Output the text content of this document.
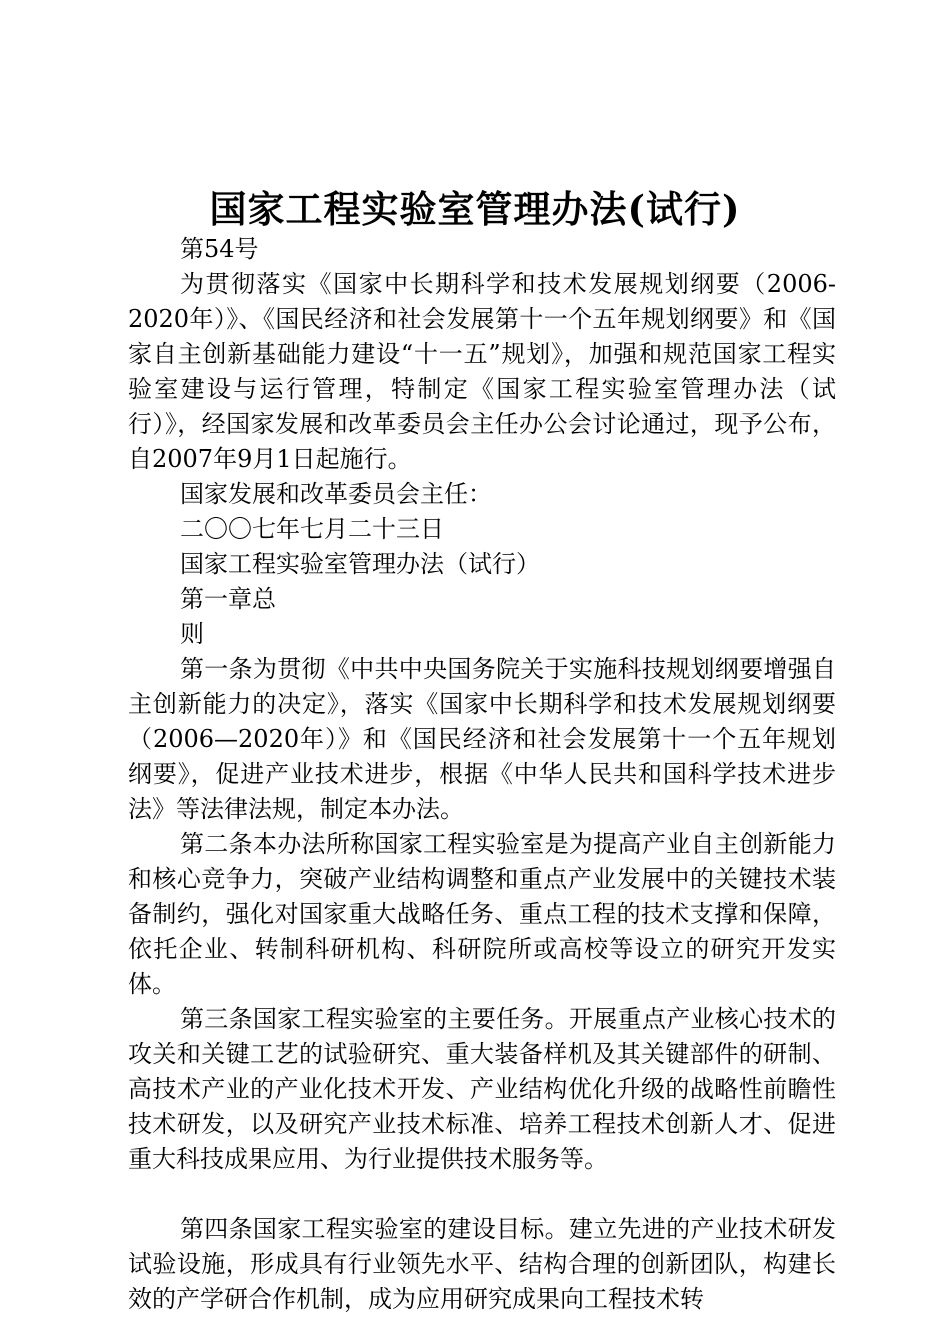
国家工程实验室管理办法(试行)

第54号

为贯彻落实《国家中长期科学和技术发展规划纲要（2006-2020年）》、《国民经济和社会发展第十一个五年规划纲要》和《国家自主创新基础能力建设“十一五”规划》，加强和规范国家工程实验室建设与运行管理，特制定《国家工程实验室管理办法（试行）》，经国家发展和改革委员会主任办公会讨论通过，现予公布，自2007年9月1日起施行。

国家发展和改革委员会主任：

二〇〇七年七月二十三日

国家工程实验室管理办法（试行）

第一章总

则

第一条为贯彻《中共中央国务院关于实施科技规划纲要增强自主创新能力的决定》，落实《国家中长期科学和技术发展规划纲要（2006—2020年）》和《国民经济和社会发展第十一个五年规划纲要》，促进产业技术进步，根据《中华人民共和国科学技术进步法》等法律法规，制定本办法。

第二条本办法所称国家工程实验室是为提高产业自主创新能力和核心竞争力，突破产业结构调整和重点产业发展中的关键技术装备制约，强化对国家重大战略任务、重点工程的技术支撑和保障，依托企业、转制科研机构、科研院所或高校等设立的研究开发实体。

第三条国家工程实验室的主要任务。开展重点产业核心技术的攻关和关键工艺的试验研究、重大装备样机及其关键部件的研制、高技术产业的产业化技术开发、产业结构优化升级的战略性前瞻性技术研发，以及研究产业技术标准、培养工程技术创新人才、促进重大科技成果应用、为行业提供技术服务等。

第四条国家工程实验室的建设目标。建立先进的产业技术研发试验设施，形成具有行业领先水平、结构合理的创新团队，构建长效的产学研合作机制，成为应用研究成果向工程技术转
